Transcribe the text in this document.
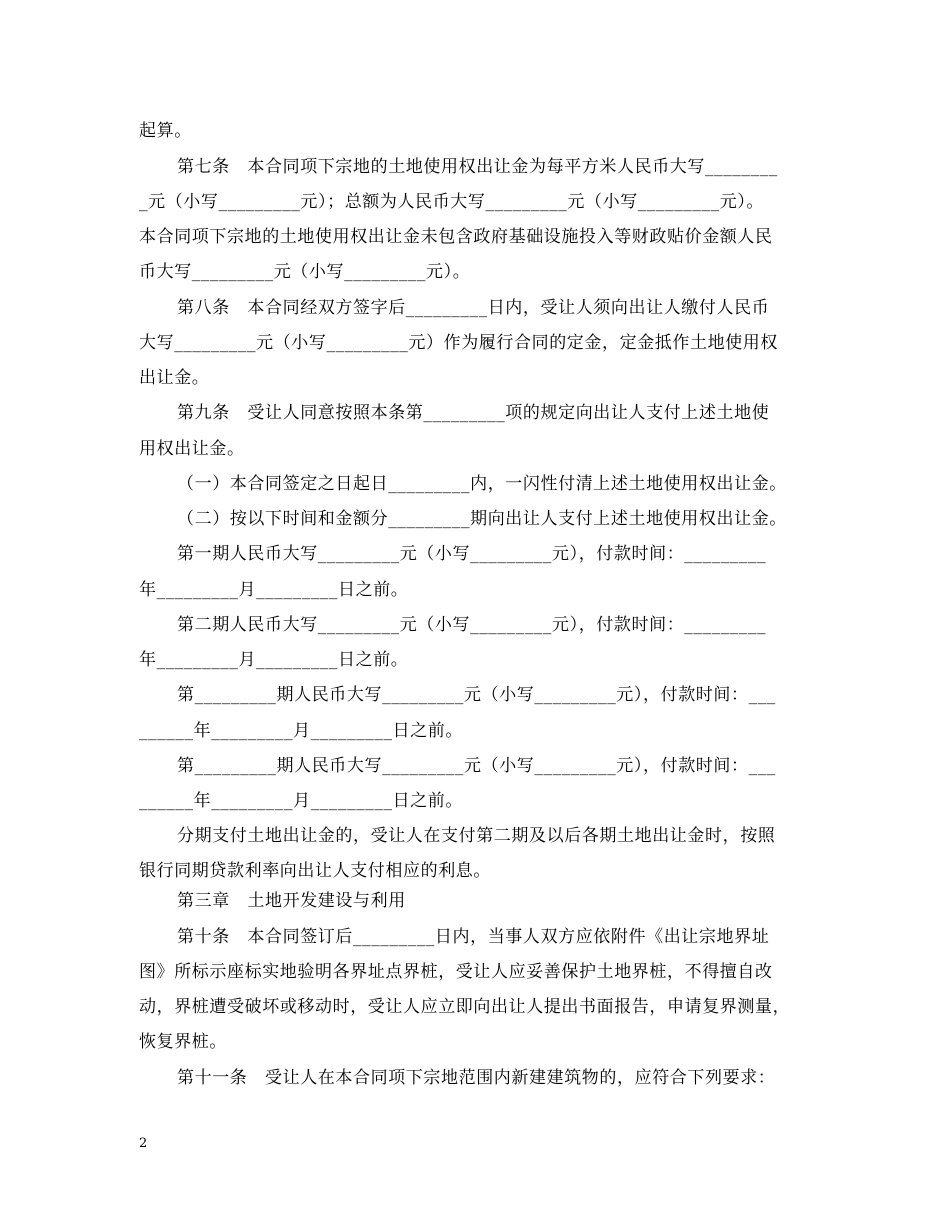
起算。
第七条　本合同项下宗地的土地使用权出让金为每平方米人民币大写________
_元（小写_________元）；总额为人民币大写_________元（小写_________元）。
本合同项下宗地的土地使用权出让金未包含政府基础设施投入等财政贴价金额人民
币大写_________元（小写_________元）。
第八条　本合同经双方签字后_________日内，受让人须向出让人缴付人民币
大写_________元（小写_________元）作为履行合同的定金，定金抵作土地使用权
出让金。
第九条　受让人同意按照本条第_________项的规定向出让人支付上述土地使
用权出让金。
（一）本合同签定之日起日_________内，一闪性付清上述土地使用权出让金。
（二）按以下时间和金额分_________期向出让人支付上述土地使用权出让金。
第一期人民币大写_________元（小写_________元），付款时间：_________
年_________月_________日之前。
第二期人民币大写_________元（小写_________元），付款时间：_________
年_________月_________日之前。
第_________期人民币大写_________元（小写_________元），付款时间：___
______年_________月_________日之前。
第_________期人民币大写_________元（小写_________元），付款时间：___
______年_________月_________日之前。
分期支付土地出让金的，受让人在支付第二期及以后各期土地出让金时，按照
银行同期贷款利率向出让人支付相应的利息。
第三章　土地开发建设与利用
第十条　本合同签订后_________日内，当事人双方应依附件《出让宗地界址
图》所标示座标实地验明各界址点界桩，受让人应妥善保护土地界桩，不得擅自改
动，界桩遭受破坏或移动时，受让人应立即向出让人提出书面报告，申请复界测量，
恢复界桩。
第十一条　受让人在本合同项下宗地范围内新建建筑物的，应符合下列要求：
2
